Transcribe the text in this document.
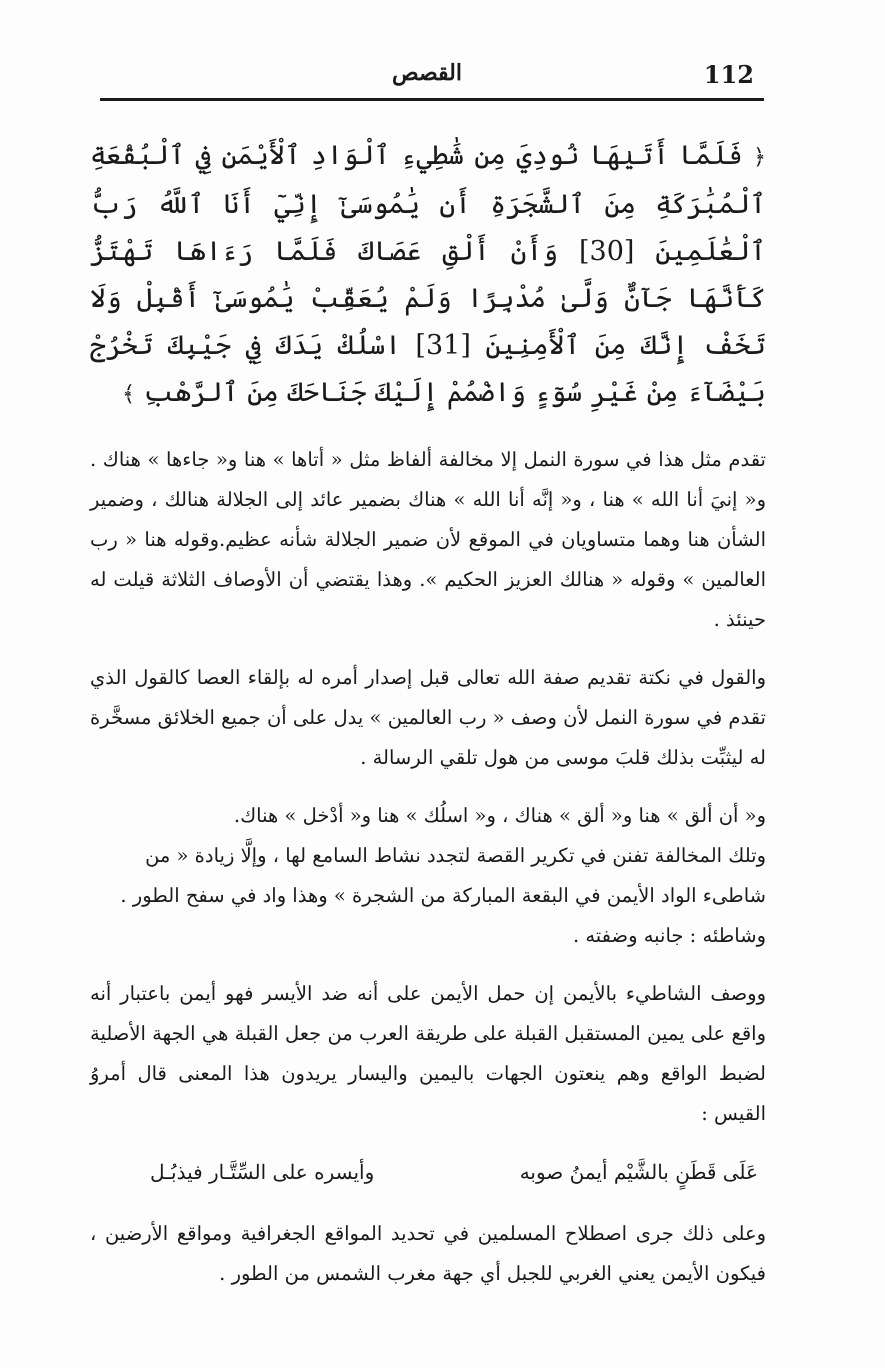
112
القصص
﴿ فَلَمَّا أَتَيٰهَا نُودِيَ مِن شَٰطِيءِ ٱلْوَادِ ٱلْأَيْمَنِ فِي ٱلْبُقْعَةِ ٱلْمُبَٰرَكَةِ مِنَ ٱلشَّجَرَةِ أَن يَٰمُوسَىٰٓ إِنِّيٓ أَنَا ٱللَّهُ رَبُّ ٱلْعَٰلَمِينَ [30] وَأَنْ أَلْقِ عَصَاكَ فَلَمَّا رَءَاهَا تَهْتَزُّ كَأَنَّهَا جَآنٌّ وَلَّىٰ مُدْبِرًا وَلَمْ يُعَقِّبْ يَٰمُوسَىٰٓ أَقْبِلْ وَلَا تَخَفْ إِنَّكَ مِنَ ٱلْأَمِنِينَ [31] اسْلُكْ يَدَكَ فِي جَيْبِكَ تَخْرُجْ بَيْضَآءَ مِنْ غَيْرِ سُوٓءٍ وَاضْمُمْ إِلَيْكَ جَنَاحَكَ مِنَ ٱلرَّهْبِ ﴾

تقدم مثل هذا في سورة النمل إلا مخالفة ألفاظ مثل « أتاها » هنا و« جاءها » هناك . و« إنيَ أنا الله » هنا ، و« إنَّه أنا الله » هناك بضمير عائد إلى الجلالة هنالك ، وضمير الشأن هنا وهما متساويان في الموقع لأن ضمير الجلالة شأنه عظيم.وقوله هنا « رب العالمين » وقوله « هنالك العزيز الحكيم ». وهذا يقتضي أن الأوصاف الثلاثة قيلت له حينئذ .

والقول في نكتة تقديم صفة الله تعالى قبل إصدار أمره له بإلقاء العصا كالقول الذي تقدم في سورة النمل لأن وصف « رب العالمين » يدل على أن جميع الخلائق مسخَّرة له ليثبِّت بذلك قلبَ موسى من هول تلقي الرسالة .

و« أن ألق » هنا و« ألق » هناك ، و« اسلُك » هنا و« أدْخل » هناك.
وتلك المخالفة تفنن في تكرير القصة لتجدد نشاط السامع لها ، وإلَّا زيادة « من
شاطىء الواد الأيمن في البقعة المباركة من الشجرة » وهذا واد في سفح الطور .
وشاطئه : جانبه وضفته .

ووصف الشاطيء بالأيمن إن حمل الأيمن على أنه ضد الأيسر فهو أيمن باعتبار أنه واقع على يمين المستقبل القبلة على طريقة العرب من جعل القبلة هي الجهة الأصلية لضبط الواقع وهم ينعتون الجهات باليمين واليسار يريدون هذا المعنى قال أمروُ القيس :

عَلَى قَطَنٍ بالشَّيْم أيمنُ صوبه
وأيسره على السِّتَّـار فيذبُـل

وعلى ذلك جرى اصطلاح المسلمين في تحديد المواقع الجغرافية ومواقع الأرضين ، فيكون الأيمن يعني الغربي للجبل أي جهة مغرب الشمس من الطور .
